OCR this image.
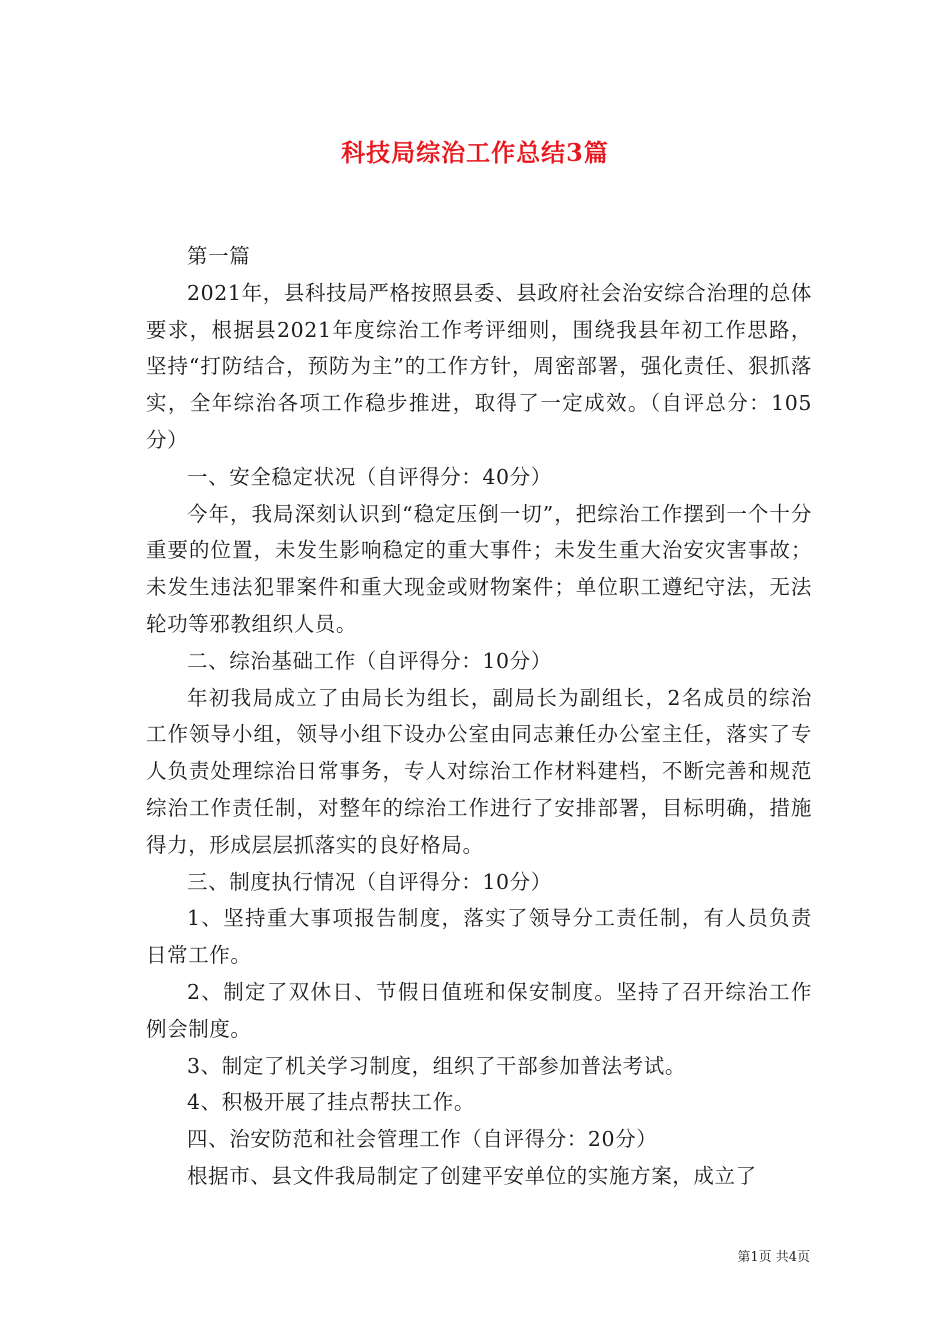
科技局综治工作总结3篇

第一篇

2021年，县科技局严格按照县委、县政府社会治安综合治理的总体要求，根据县2021年度综治工作考评细则，围绕我县年初工作思路，坚持“打防结合，预防为主”的工作方针，周密部署，强化责任、狠抓落实，全年综治各项工作稳步推进，取得了一定成效。（自评总分：105分）

一、安全稳定状况（自评得分：40分）

今年，我局深刻认识到“稳定压倒一切”，把综治工作摆到一个十分重要的位置，未发生影响稳定的重大事件；未发生重大治安灾害事故；未发生违法犯罪案件和重大现金或财物案件；单位职工遵纪守法，无法轮功等邪教组织人员。

二、综治基础工作（自评得分：10分）

年初我局成立了由局长为组长，副局长为副组长，2名成员的综治工作领导小组，领导小组下设办公室由同志兼任办公室主任，落实了专人负责处理综治日常事务，专人对综治工作材料建档，不断完善和规范综治工作责任制，对整年的综治工作进行了安排部署，目标明确，措施得力，形成层层抓落实的良好格局。

三、制度执行情况（自评得分：10分）

1、坚持重大事项报告制度，落实了领导分工责任制，有人员负责日常工作。

2、制定了双休日、节假日值班和保安制度。坚持了召开综治工作例会制度。

3、制定了机关学习制度，组织了干部参加普法考试。

4、积极开展了挂点帮扶工作。

四、治安防范和社会管理工作（自评得分：20分）

根据市、县文件我局制定了创建平安单位的实施方案，成立了

第1页 共4页
